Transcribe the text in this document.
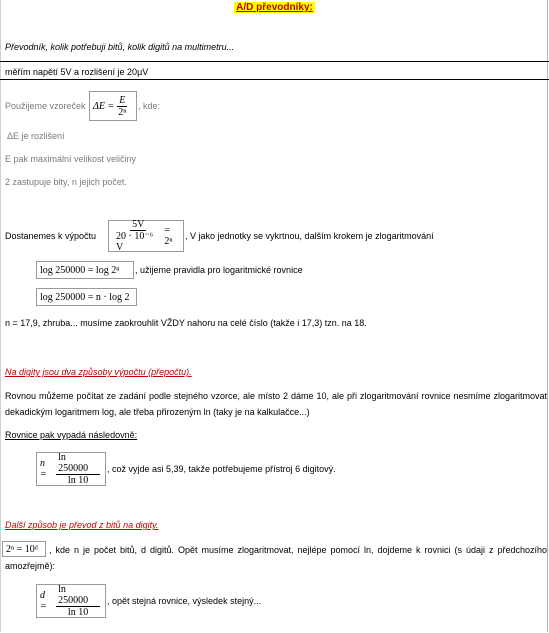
A/D převodníky:
Převodník, kolik potřebuji bitů, kolik digitů na multimetru...
měřím napětí 5V a rozlišení je 20µV
Použijeme vzoreček $\Delta E = \frac{E}{\text{2ⁿ}}$ , kde:
ΔE je rozlišení
E pak maximální velikost veličiny
2 zastupuje bity, n jejich počet.
Dostanemes k výpočtu $\frac{5V}{\text{20 · 10⁻⁶ V}} = 2^n$	, V jako jednotky se vykrtnou, dalším krokem je zlogaritmování
log 250000 = log 2ⁿ , užijeme pravidla pro logaritmické rovnice
log 250000 = n · log 2
n = 17,9, zhruba... musíme zaokrouhlit VŽDY nahoru na celé číslo (takže i 17,3) tzn. na 18.
Na digity jsou dva způsoby výpočtu (přepočtu).
Rovnou můžeme počítat ze zadání podle stejného vzorce, ale místo 2 dáme 10, ale při zlogaritmování rovnice nesmíme zlogaritmovat dekadickým logaritmem log, ale třeba přirozeným ln (taky je na kalkulačce...)
Rovnice pak vypadá následovně:
$n = \frac{\ln 250000}{\ln 10}$ , což vyjde asi 5,39, takže potřebujeme přístroj 6 digitový.
Další způsob je převod z bitů na digity.
2ⁿ = 10ᵈ	, kde n je počet bitů, d digitů. Opět musíme zlogaritmovat, nejlépe pomocí ln, dojdeme k rovnici (s údaji z předchozího amozřejmě):
$d = \frac{\ln 250000}{\ln 10}$ , opět stejná rovnice, výsledek stejný...
